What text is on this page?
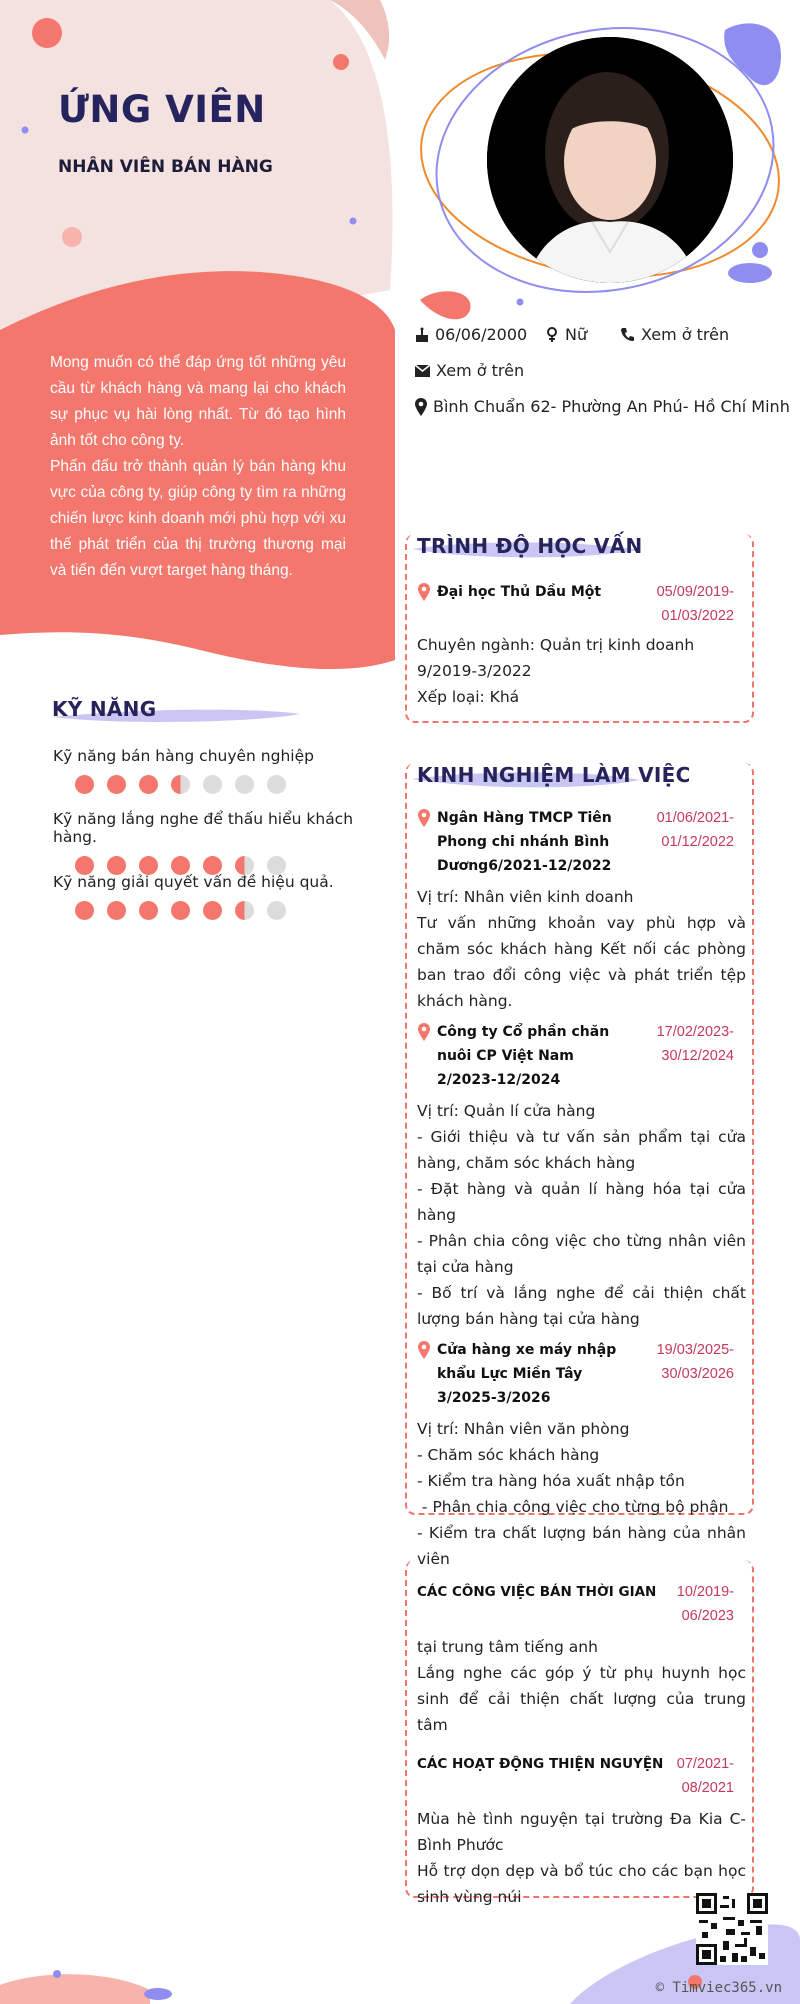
ỨNG VIÊN
NHÂN VIÊN BÁN HÀNG

Mong muốn có thể đáp ứng tốt những yêu cầu từ khách hàng và mang lại cho khách sự phục vụ hài lòng nhất. Từ đó tạo hình ảnh tốt cho công ty.

Phấn đấu trở thành quản lý bán hàng khu vực của công ty, giúp công ty tìm ra những chiến lược kinh doanh mới phù hợp với xu thế phát triển của thị trường thương mại và tiến đến vượt target hàng tháng.

06/06/2000 Nữ	Xem ở trên
Xem ở trên
Bình Chuẩn 62- Phường An Phú- Hồ Chí Minh
KỸ NĂNG
Kỹ năng bán hàng chuyên nghiệp
Kỹ năng lắng nghe để thấu hiểu khách hàng.
Kỹ năng giải quyết vấn đề hiệu quả.
TRÌNH ĐỘ HỌC VẤN
Đại học Thủ Dầu Một	05/09/2019- 01/03/2022
Chuyên ngành: Quản trị kinh doanh
9/2019-3/2022
Xếp loại: Khá
KINH NGHIỆM LÀM VIỆC
Ngân Hàng TMCP Tiên Phong chi nhánh Bình Dương6/2021-12/2022
01/06/2021- 01/12/2022
Vị trí: Nhân viên kinh doanh
Tư vấn những khoản vay phù hợp và chăm sóc khách hàng Kết nối các phòng ban trao đổi công việc và phát triển tệp khách hàng.
Công ty Cổ phần chăn nuôi CP Việt Nam 2/2023-12/2024
17/02/2023- 30/12/2024
Vị trí: Quản lí cửa hàng
- Giới thiệu và tư vấn sản phẩm tại cửa hàng, chăm sóc khách hàng
- Đặt hàng và quản lí hàng hóa tại cửa hàng
- Phân chia công việc cho từng nhân viên tại cửa hàng
- Bố trí và lắng nghe để cải thiện chất lượng bán hàng tại cửa hàng
Cửa hàng xe máy nhập khẩu Lực Miền Tây 3/2025-3/2026
19/03/2025- 30/03/2026
Vị trí: Nhân viên văn phòng
- Chăm sóc khách hàng
- Kiểm tra hàng hóa xuất nhập tồn
- Phân chia công việc cho từng bộ phận
- Kiểm tra chất lượng bán hàng của nhân viên
CÁC CÔNG VIỆC BÁN THỜI GIAN	10/2019- 06/2023
tại trung tâm tiếng anh
Lắng nghe các góp ý từ phụ huynh học sinh để cải thiện chất lượng của trung tâm
CÁC HOẠT ĐỘNG THIỆN NGUYỆN 07/2021- 08/2021
Mùa hè tình nguyện tại trường Đa Kia C- Bình Phước
Hỗ trợ dọn dẹp và bổ túc cho các bạn học sinh vùng núi
© Timviec365.vn
